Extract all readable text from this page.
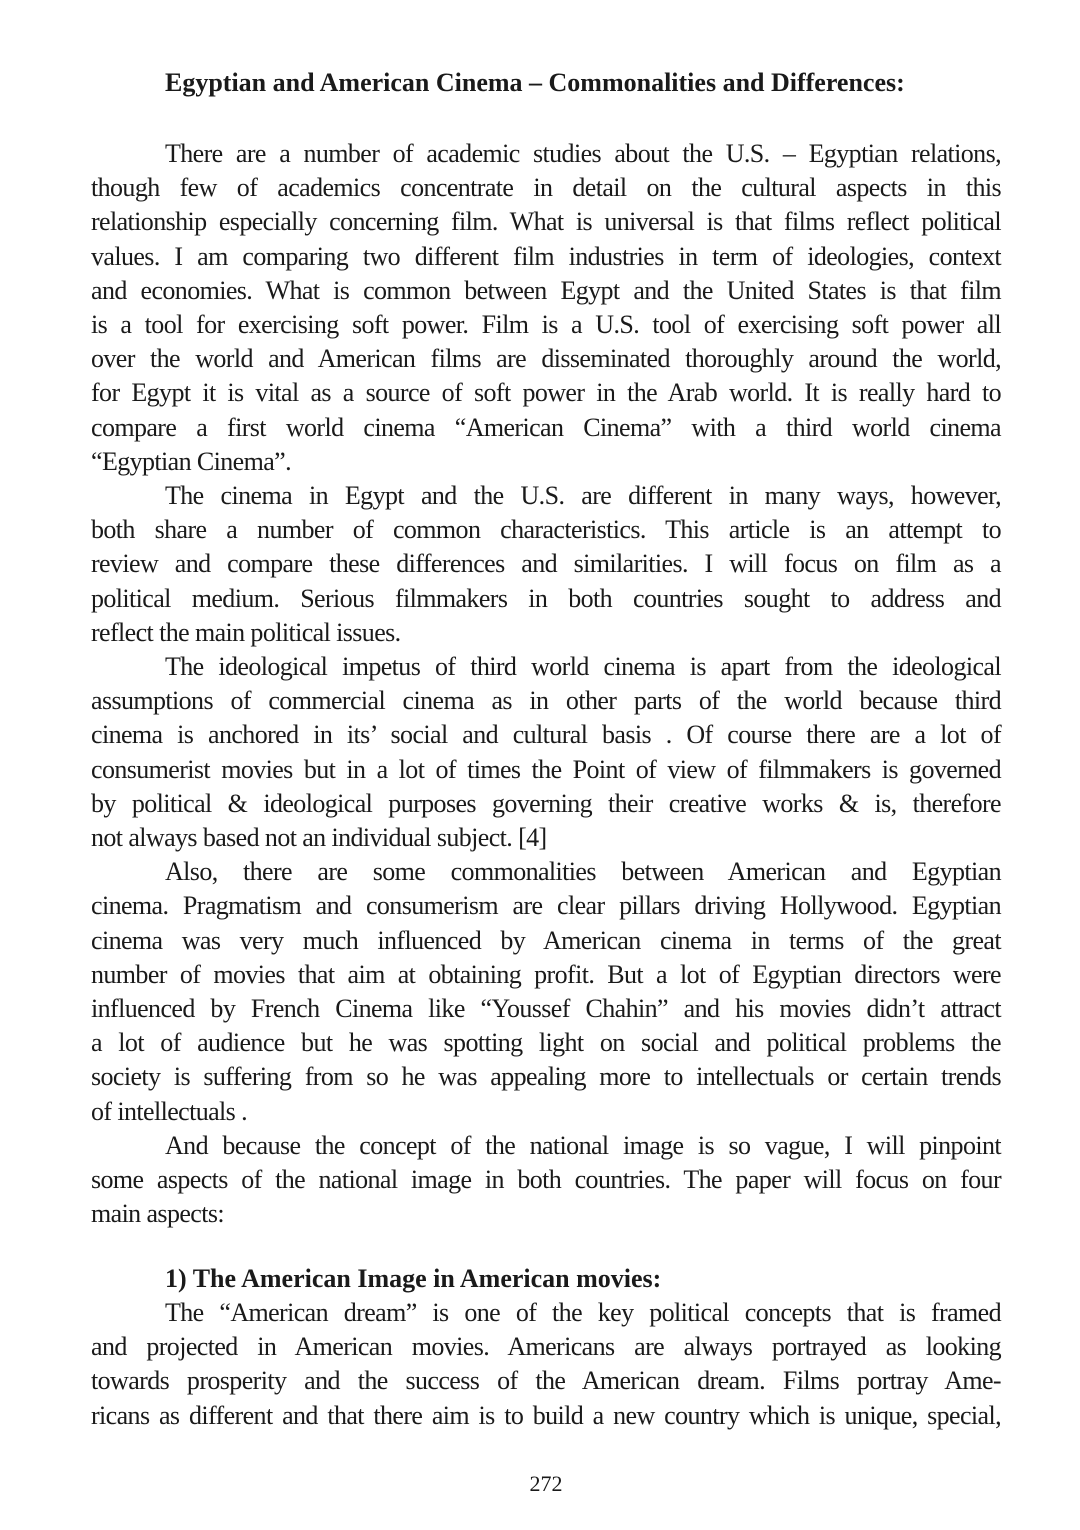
Egyptian and American Cinema – Commonalities and Differences:
There are a number of academic studies about the U.S. – Egyptian relations,
though few of academics concentrate in detail on the cultural aspects in this
relationship especially concerning film. What is universal is that films reflect political
values. I am comparing two different film industries in term of ideologies, context
and economies. What is common between Egypt and the United States is that film
is a tool for exercising soft power. Film is a U.S. tool of exercising soft power all
over the world and American films are disseminated thoroughly around the world,
for Egypt it is vital as a source of soft power in the Arab world. It is really hard to
compare a first world cinema “American Cinema” with a third world cinema
“Egyptian Cinema”.
The cinema in Egypt and the U.S. are different in many ways, however,
both share a number of common characteristics. This article is an attempt to
review and compare these differences and similarities. I will focus on film as a
political medium. Serious filmmakers in both countries sought to address and
reflect the main political issues.
The ideological impetus of third world cinema is apart from the ideological
assumptions of commercial cinema as in other parts of the world because third
cinema is anchored in its’ social and cultural basis . Of course there are a lot of
consumerist movies but in a lot of times the Point of view of filmmakers is governed
by political & ideological purposes governing their creative works & is, therefore
not always based not an individual subject. [4]
Also, there are some commonalities between American and Egyptian
cinema. Pragmatism and consumerism are clear pillars driving Hollywood. Egyptian
cinema was very much influenced by American cinema in terms of the great
number of movies that aim at obtaining profit. But a lot of Egyptian directors were
influenced by French Cinema like “Youssef Chahin” and his movies didn’t attract
a lot of audience but he was spotting light on social and political problems the
society is suffering from so he was appealing more to intellectuals or certain trends
of intellectuals .
And because the concept of the national image is so vague, I will pinpoint
some aspects of the national image in both countries. The paper will focus on four
main aspects:
1) The American Image in American movies:
The “American dream” is one of the key political concepts that is framed
and projected in American movies. Americans are always portrayed as looking
towards prosperity and the success of the American dream. Films portray Ame-
ricans as different and that there aim is to build a new country which is unique, special,
272
